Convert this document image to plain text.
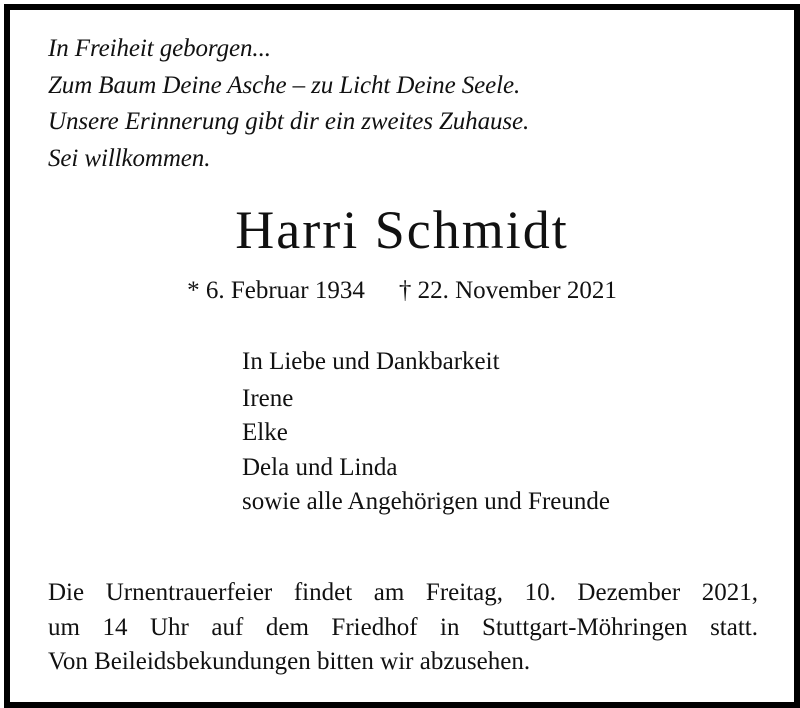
In Freiheit geborgen...
Zum Baum Deine Asche – zu Licht Deine Seele.
Unsere Erinnerung gibt dir ein zweites Zuhause.
Sei willkommen.
Harri Schmidt
* 6. Februar 1934 † 22. November 2021
In Liebe und Dankbarkeit
Irene
Elke
Dela und Linda
sowie alle Angehörigen und Freunde
Die Urnentrauerfeier findet am Freitag, 10. Dezember 2021,
um 14 Uhr auf dem Friedhof in Stuttgart-Möhringen statt.
Von Beileidsbekundungen bitten wir abzusehen.
